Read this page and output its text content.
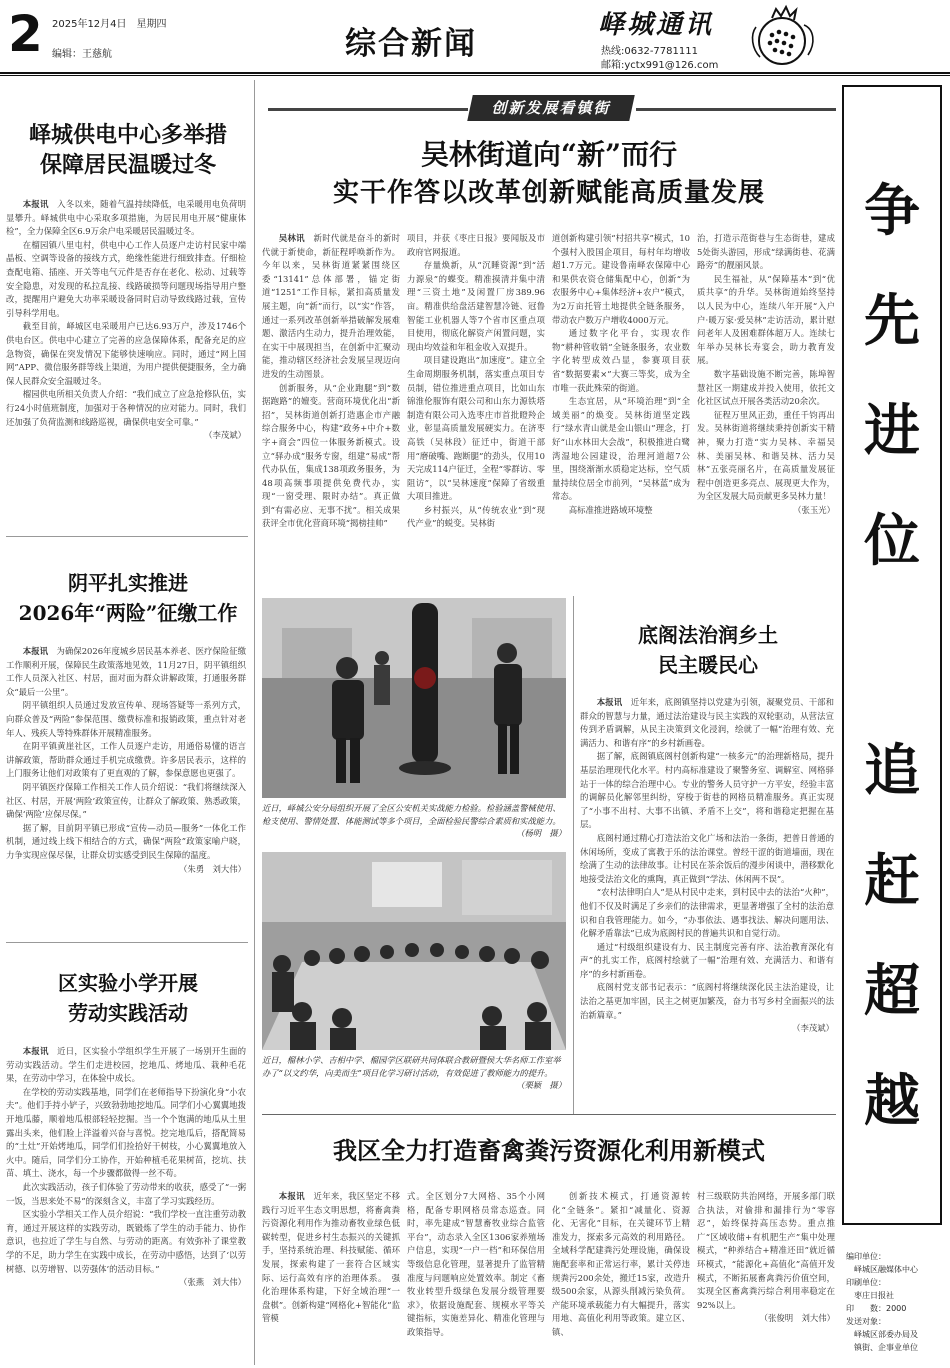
2 2025年12月4日　星期四
编辑：王慈航	综合新闻
峄城通讯
热线:0632-7781111
邮箱:yctx991@126.com
峄城供电中心多举措
保障居民温暖过冬

本报讯　 入冬以来，随着气温持续降低，电采暖用电负荷明显攀升。峄城供电中心采取多项措施，为居民用电开展“健康体检”，全力保障全区6.9万余户电采暖居民温暖过冬。

在榴园镇八里屯村，供电中心工作人员逐户走访村民家中端晶板、空调等设备的接线方式，绝缘性能进行细致排查。仔细检查配电箱、插座、开关等电气元件是否存在老化、松动、过载等安全隐患，对发现的私拉乱接、线路破损等问题现场指导用户整改，提醒用户避免大功率采暖设备同时启动导致线路过载，宣传引导科学用电。

截至目前，峄城区电采暖用户已达6.93万户，涉及1746个供电台区。供电中心建立了完善的应急保障体系，配备充足的应急物资，确保在突发情况下能够快速响应。同时，通过“网上国网”APP、微信服务群等线上渠道，为用户提供便捷服务，全力确保人民群众安全温暖过冬。

榴园供电所相关负责人介绍：“我们成立了应急抢修队伍，实行24小时值班制度，加强对于各种情况的应对能力。同时，我们还加强了负荷监测和线路巡视，确保供电安全可靠。”

（李茂斌）
阴平扎实推进
2026年“两险”征缴工作

本报讯　 为确保2026年度城乡居民基本养老、医疗保险征缴工作顺利开展，保障民生政策落地见效，11月27日，阴平镇组织工作人员深入社区、村居，面对面为群众讲解政策，打通服务群众“最后一公里”。

阴平镇组织人员通过发放宣传单、现场答疑等一系列方式，向群众普及“两险”参保范围、缴费标准和报销政策，重点针对老年人、残疾人等特殊群体开展精准服务。

在阴平镇黄崖社区，工作人员逐户走访，用通俗易懂的语言讲解政策，帮助群众通过手机完成缴费。许多居民表示，这样的上门服务让他们对政策有了更直观的了解，参保意愿也更强了。

阴平镇医疗保障工作相关工作人员介绍说：“我们将继续深入社区、村居，开展‘两险’政策宣传，让群众了解政策、熟悉政策，确保‘两险’应保尽保。”

据了解，目前阴平镇已形成“宣传—动员—服务”一体化工作机制，通过线上线下相结合的方式，确保“两险”政策家喻户晓，力争实现应保尽保，让群众切实感受到民生保障的温度。

（朱勇　刘大伟）
区实验小学开展
劳动实践活动

本报讯　 近日，区实验小学组织学生开展了一场别开生面的劳动实践活动。学生们走进校园，挖地瓜、烤地瓜、栽种毛花果，在劳动中学习，在体验中成长。

在学校的劳动实践基地，同学们在老师指导下扮演化身“小农夫”。他们手持小铲子，兴致勃勃地挖地瓜。同学们小心翼翼地拨开地瓜藤，顺着地瓜根部轻轻挖掘。当一个个饱满的地瓜从土里露出头来，他们脸上洋溢着兴奋与喜悦。挖完地瓜后，搭配简易的“土灶”开始烤地瓜，同学们们捡拾好干树枝，小心翼翼地放入火中。随后，同学们分工协作，开始种植毛花果树苗，挖坑、扶苗、填土、浇水，每一个步骤都做得一丝不苟。

此次实践活动，孩子们体验了劳动带来的收获，感受了“一粥一饭，当思来处不易”的深刻含义，丰富了学习实践经历。

区实验小学相关工作人员介绍说：“我们学校一直注重劳动教育，通过开展这样的实践劳动，既锻炼了学生的动手能力、协作意识，也拉近了学生与自然、与劳动的距离。有效弥补了课堂教学的不足，助力学生在实践中成长，在劳动中感悟，达到了‘以劳树德、以劳增智、以劳强体’的活动目标。”

（张燕　刘大伟）
创新发展看镇街
吴林街道向“新”而行
实干作答以改革创新赋能高质量发展

吴林讯　 新时代就是奋斗的新时代就于新使命，新征程呼唤新作为。今年以来，吴林街道紧紧围绕区委“13141”总体部署，锚定街道“1251”工作目标，紧扣高质量发展主题，向“新”而行，以“实”作答，通过一系列改革创新举措破解发展难题、激活内生动力，提升治理效能，在实干中展现担当，在创新中汇聚动能，推动辖区经济社会发展呈现迈向进发的生动图景。

创新服务，从“企业跑腿”到“数据跑路”的嬗变。营商环境优化出“新招”，吴林街道创新打造惠企市产融综合服务中心，构建“政务+中介+数字+商会”四位一体服务新模式。设立“驿办成”服务专窗，组建“易成”帮代办队伍，集成138项政务服务，为48项高频事项提供免费代办，实现“一窗受理、限时办结”。真正做到“有需必应、无事不扰”。相关成果获评全市优化营商环境“揭榜挂帅”

项目，并获《枣庄日报》要闻版及市政府官网报道。

存量焕新，从“沉睡资源”到“活力源泉”的蝶变。精准摸清并集中清理“三资土地”及闲置厂房389.96亩。精准供给盘活建智慧冷链、冠鲁智能工业机器人等7个省市区重点项目使用，彻底化解资产闲置问题，实现由均效益和年租金收入双提升。

项目建设跑出“加速度”。建立全生命周期服务机制，落实重点项目专员制，错位推进重点项目，比如山东锦淮伦服饰有限公司和山东力源铁塔制造有限公司入选枣庄市首批瞪羚企业，彰显高质量发展硬实力。在济枣高铁（吴林段）征迁中，街道干部用“磨破嘴、跑断腿”的劲头，仅用10天完成114户征迁，全程“零群访、零阻访”，以“吴林速度”保障了省级重大项目推进。

乡村振兴，从“传统农业”到“现代产业”的蜕变。吴林街

道创新构建引领“村招共享”模式，10个强村入股国企项目，每村年均增收超1.7万元。建设鲁南峄农保障中心和果供农资仓储集配中心，创新“为农服务中心+集体经济+农户”模式，为2万亩托管土地提供全链条服务，带动农户数万户增收4000万元。

通过数字化平台，实现农作物“耕种管收销”全链条服务，农业数字化转型成效凸显，参赛项目获省“数据要素×”大赛三等奖，成为全市唯一获此殊荣的街道。

生态宜居，从“环境治理”到“全域美丽”的焕变。吴林街道坚定践行“绿水青山就是金山银山”理念，打好“山水林田大会战”，积极推进白鹭湾湿地公园建设，治理河道超7公里，围绕渐渐水质稳定达标，空气质量持续位居全市前列，“吴林蓝”成为常态。

高标准推进路域环境整

治，打造示范街巷与生态街巷，建成5处街头游园，形成“绿满街巷、花满路旁”的靓丽风景。

民生福祉，从“保障基本”到“优质共享”的升华。吴林街道始终坚持以人民为中心，连续八年开展“入户户·暖万家·爱吴林”走访活动，累计慰问老年人及困难群体超万人。连续七年举办吴林长寿宴会，助力教育发展。

数字基础设施不断完善，陈埠智慧社区一期建成并投入使用，依托文化社区试点开展各类活动20余次。

征程万里风正劲，重任千钧再出发。吴林街道将继续秉持创新实干精神，聚力打造“实力吴林、幸福吴林、美丽吴林、和谐吴林、活力吴林”五张亮丽名片，在高质量发展征程中创造更多亮点、展现更大作为，为全区发展大局贡献更多吴林力量！

（张玉光）
近日，峄城公安分局组织开展了全区公安机关实战能力检验。检验涵盖警械使用、枪支使用、警情处置、体能测试等多个项目，全面检验民警综合素质和实战能力。
（杨明　摄）
近日，榴林小学、吉相中学、榴园学区联研共同体联合教研暨侯大华名师工作室举办了“以文约华，向美而生”项目化学习研讨活动，有效促进了教师能力的提升。
（栗颖　摄）
底阁法治润乡土
民主暖民心

本报讯　 近年来，底阁镇坚持以党建为引领，凝聚党员、干部和群众的智慧与力量，通过法治建设与民主实践的双轮驱动，从营法宣传到矛盾调解，从民主决策到文化浸润，绘就了一幅“治理有效、充满活力、和谐有序”的乡村新画卷。

据了解，底阁镇底阁村创新构建“一核多元”的治理新格局，提升基层治理现代化水平。村内高标准建设了聚警务室、调解室、网格驿站于一体的综合治理中心。专业的警务人员守护一方平安，经验丰富的调解员化解邻里纠纷，穿梭于街巷的网格员精准服务。真正实现了“小事不出村、大事不出镇、矛盾不上交”，将和谐稳定把握在基层。

底阁村通过精心打造法治文化广场和法治一条街，把普日普通的休闲场所，变成了寓教于乐的法治课堂。曾经干涩的街道墙面，现在绘满了生动的法律故事。让村民在茶余饭后的漫步闲谈中，潜移默化地接受法治文化的熏陶，真正做到“学法、休闲两不误”。

“农村法律明白人”是从村民中走来，到村民中去的法治“火种”，他们不仅及时满足了乡亲们的法律需求，更显著增强了全村的法治意识和自我管理能力。如今，“办事依法、遇事找法、解决问题用法、化解矛盾靠法”已成为底阁村民的普遍共识和自觉行动。

通过“村级组织建设有力、民主制度完善有序、法治教育深化有声”的扎实工作，底阁村绘就了一幅“治理有效、充满活力、和谐有序”的乡村新画卷。

底阁村党支部书记表示：“底阁村将继续深化民主法治建设，让法治之基更加牢固，民主之树更加繁茂，奋力书写乡村全面振兴的法治新篇章。”

（李茂斌）
我区全力打造畜禽粪污资源化利用新模式

本报讯　 近年来，我区坚定不移践行习近平生态文明思想，将畜禽粪污资源化利用作为推动畜牧业绿色低碳转型，促进乡村生态振兴的关键抓手，坚持系统治理、科技赋能、循环发展，探索构建了一套符合区域实际、运行高效有序的治理体系。　强化治理体系构建，下好全域治理“一盘棋”。创新构建“网格化+智能化”监管模

式。全区划分7大网格、35个小网格，配备专职网格员常态巡查。同时，率先建成“智慧畜牧业综合监管平台”，动态录入全区1306家养殖场户信息，实现“一户一档”和环保信用等级信息化管理，显著提升了监管精准度与问题响应处置效率。制定《畜牧业转型升级绿色发展分级管理要求》，依据设施配套、规模水平等关键指标，实施差异化、精准化管理与政策指导。

创新技术模式，打通资源转化“全链条”。紧扣“减量化、资源化、无害化”目标，在关键环节上精准发力，探索多元高效的利用路径。全域科学配建粪污处理设施，确保设施配套率和正常运行率，累计关停违规粪污200余处，搬迁15家，改造升级500余家，从源头削减污染负荷。产能环境承载能力有大幅提升，落实用地、高值化利用等政策。建立区、镇、

村三级联防共治网络，开展多部门联合执法，对偷排和漏排行为“零容忍”，始终保持高压态势。重点推广“区域收储+有机肥生产”集中处理模式，“种养结合+精准还田”就近循环模式，“能源化+高值化”高值开发模式，不断拓展畜禽粪污价值空间，实现全区畜禽粪污综合利用率稳定在92%以上。

（张俊明　刘大伟）
争
先
进
位
追
赶
超
越
编印单位：
　峄城区融媒体中心
印刷单位：
　枣庄日报社
印　　数：2000
发送对象：
　峄城区部委办局及
　镇街、企事业单位
